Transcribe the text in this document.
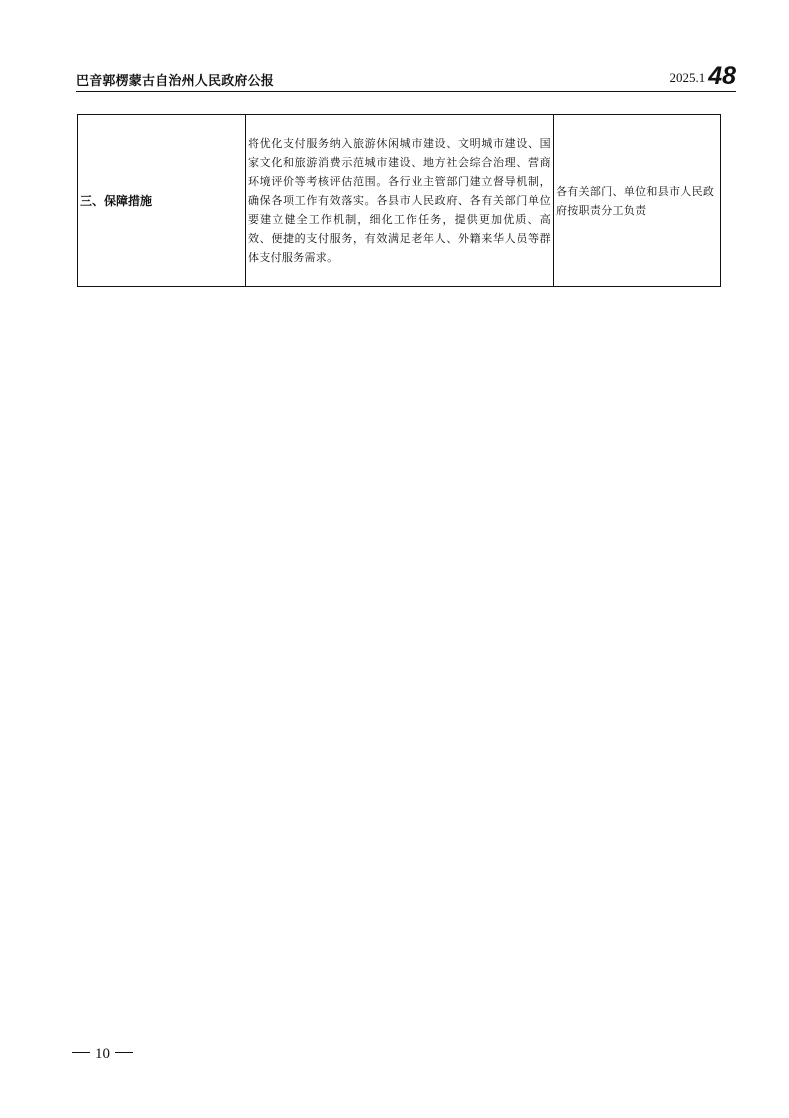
巴音郭楞蒙古自治州人民政府公报	2025.1 48
三、保障措施	将优化支付服务纳入旅游休闲城市建设、文明城市建设、国家文化和旅游消费示范城市建设、地方社会综合治理、营商环境评价等考核评估范围。各行业主管部门建立督导机制，确保各项工作有效落实。各县市人民政府、各有关部门单位要建立健全工作机制，细化工作任务，提供更加优质、高效、便捷的支付服务，有效满足老年人、外籍来华人员等群体支付服务需求。	各有关部门、单位和县市人民政府按职责分工负责
10
